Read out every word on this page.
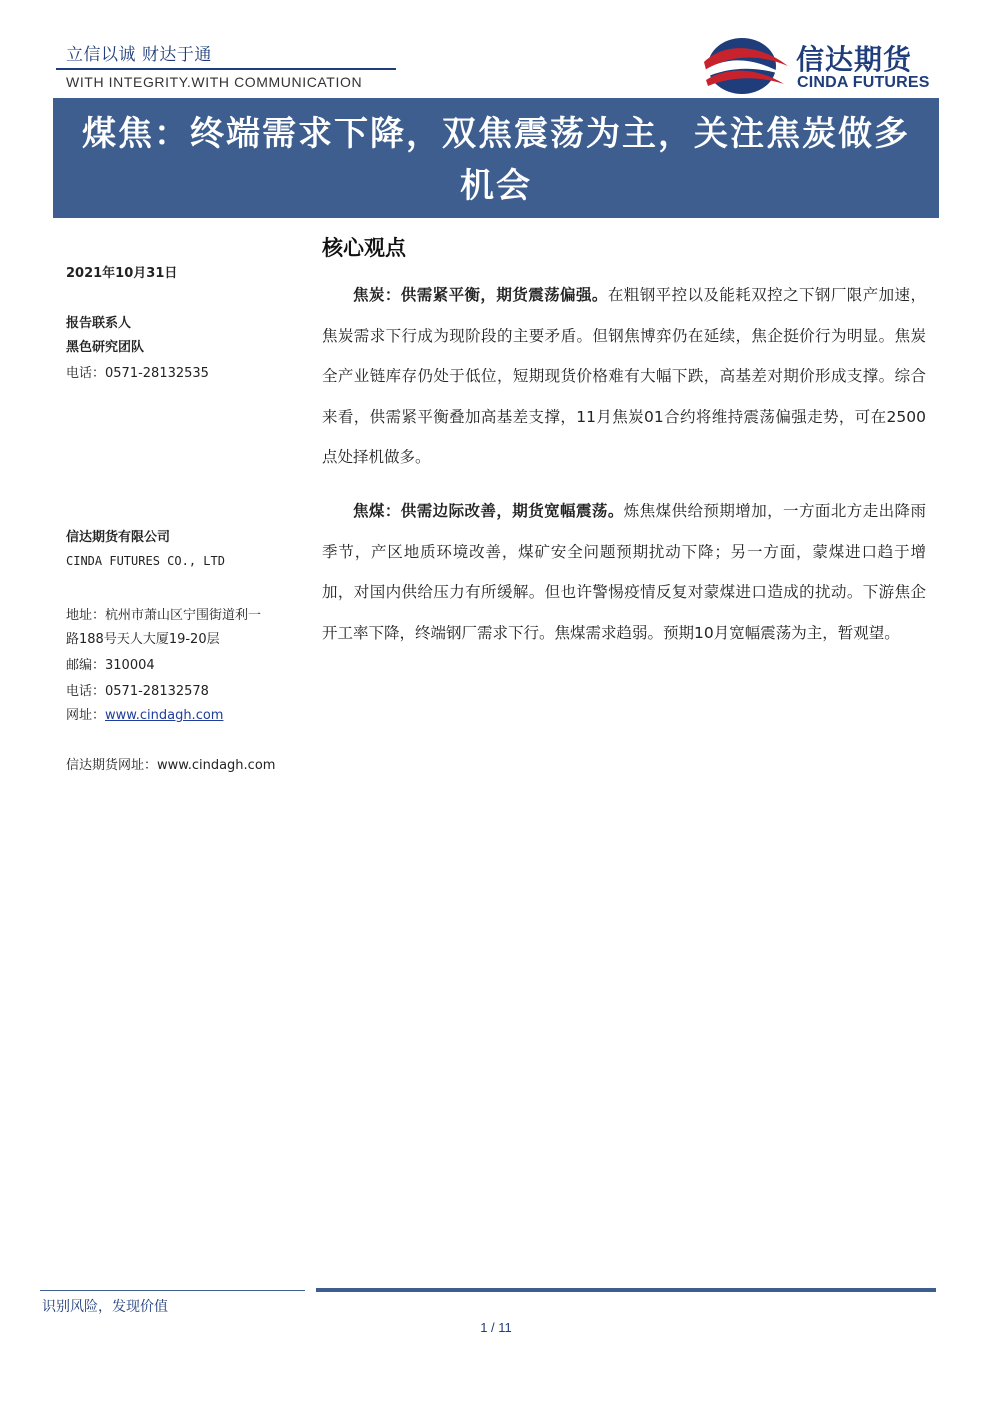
立信以诚 财达于通
WITH INTEGRITY.WITH COMMUNICATION
信达期货
CINDA FUTURES
煤焦：终端需求下降，双焦震荡为主，关注焦炭做多
机会
2021年10月31日
报告联系人
黑色研究团队
电话：0571-28132535
信达期货有限公司
CINDA FUTURES CO., LTD
地址：杭州市萧山区宁围街道利一
路188号天人大厦19-20层
邮编：310004
电话：0571-28132578
网址：www.cindagh.com
信达期货网址：www.cindagh.com
核心观点
焦炭：供需紧平衡，期货震荡偏强。在粗钢平控以及能耗双控之下钢厂限产加速，焦炭需求下行成为现阶段的主要矛盾。但钢焦博弈仍在延续，焦企挺价行为明显。焦炭全产业链库存仍处于低位，短期现货价格难有大幅下跌，高基差对期价形成支撑。综合来看，供需紧平衡叠加高基差支撑，11月焦炭01合约将维持震荡偏强走势，可在2500点处择机做多。
焦煤：供需边际改善，期货宽幅震荡。炼焦煤供给预期增加，一方面北方走出降雨季节，产区地质环境改善，煤矿安全问题预期扰动下降；另一方面，蒙煤进口趋于增加，对国内供给压力有所缓解。但也许警惕疫情反复对蒙煤进口造成的扰动。下游焦企开工率下降，终端钢厂需求下行。焦煤需求趋弱。预期10月宽幅震荡为主，暂观望。
识别风险，发现价值
1 / 11
